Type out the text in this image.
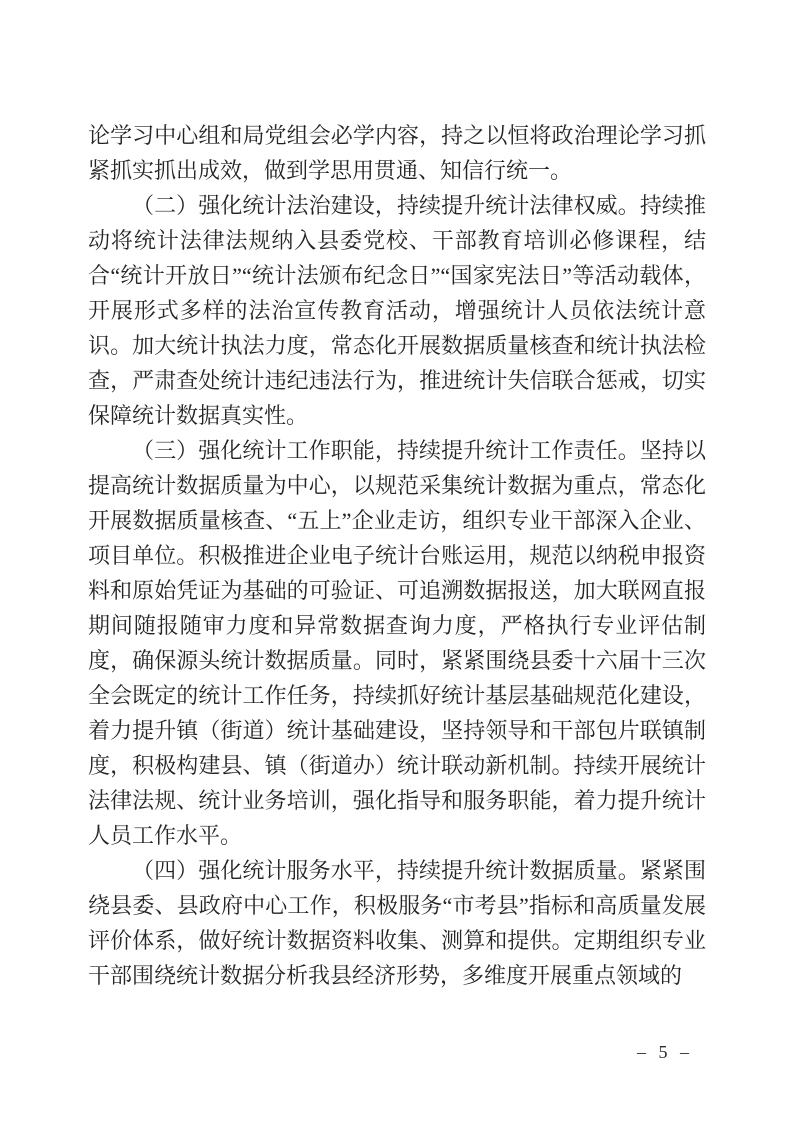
论学习中心组和局党组会必学内容，持之以恒将政治理论学习抓紧抓实抓出成效，做到学思用贯通、知信行统一。

（二）强化统计法治建设，持续提升统计法律权威。持续推动将统计法律法规纳入县委党校、干部教育培训必修课程，结合“统计开放日”“统计法颁布纪念日”“国家宪法日”等活动载体，开展形式多样的法治宣传教育活动，增强统计人员依法统计意识。加大统计执法力度，常态化开展数据质量核查和统计执法检查，严肃查处统计违纪违法行为，推进统计失信联合惩戒，切实保障统计数据真实性。

（三）强化统计工作职能，持续提升统计工作责任。坚持以提高统计数据质量为中心，以规范采集统计数据为重点，常态化开展数据质量核查、“五上”企业走访，组织专业干部深入企业、项目单位。积极推进企业电子统计台账运用，规范以纳税申报资料和原始凭证为基础的可验证、可追溯数据报送，加大联网直报期间随报随审力度和异常数据查询力度，严格执行专业评估制度，确保源头统计数据质量。同时，紧紧围绕县委十六届十三次全会既定的统计工作任务，持续抓好统计基层基础规范化建设，着力提升镇（街道）统计基础建设，坚持领导和干部包片联镇制度，积极构建县、镇（街道办）统计联动新机制。持续开展统计法律法规、统计业务培训，强化指导和服务职能，着力提升统计人员工作水平。

（四）强化统计服务水平，持续提升统计数据质量。紧紧围绕县委、县政府中心工作，积极服务“市考县”指标和高质量发展评价体系，做好统计数据资料收集、测算和提供。定期组织专业干部围绕统计数据分析我县经济形势，多维度开展重点领域的

– 5 –
